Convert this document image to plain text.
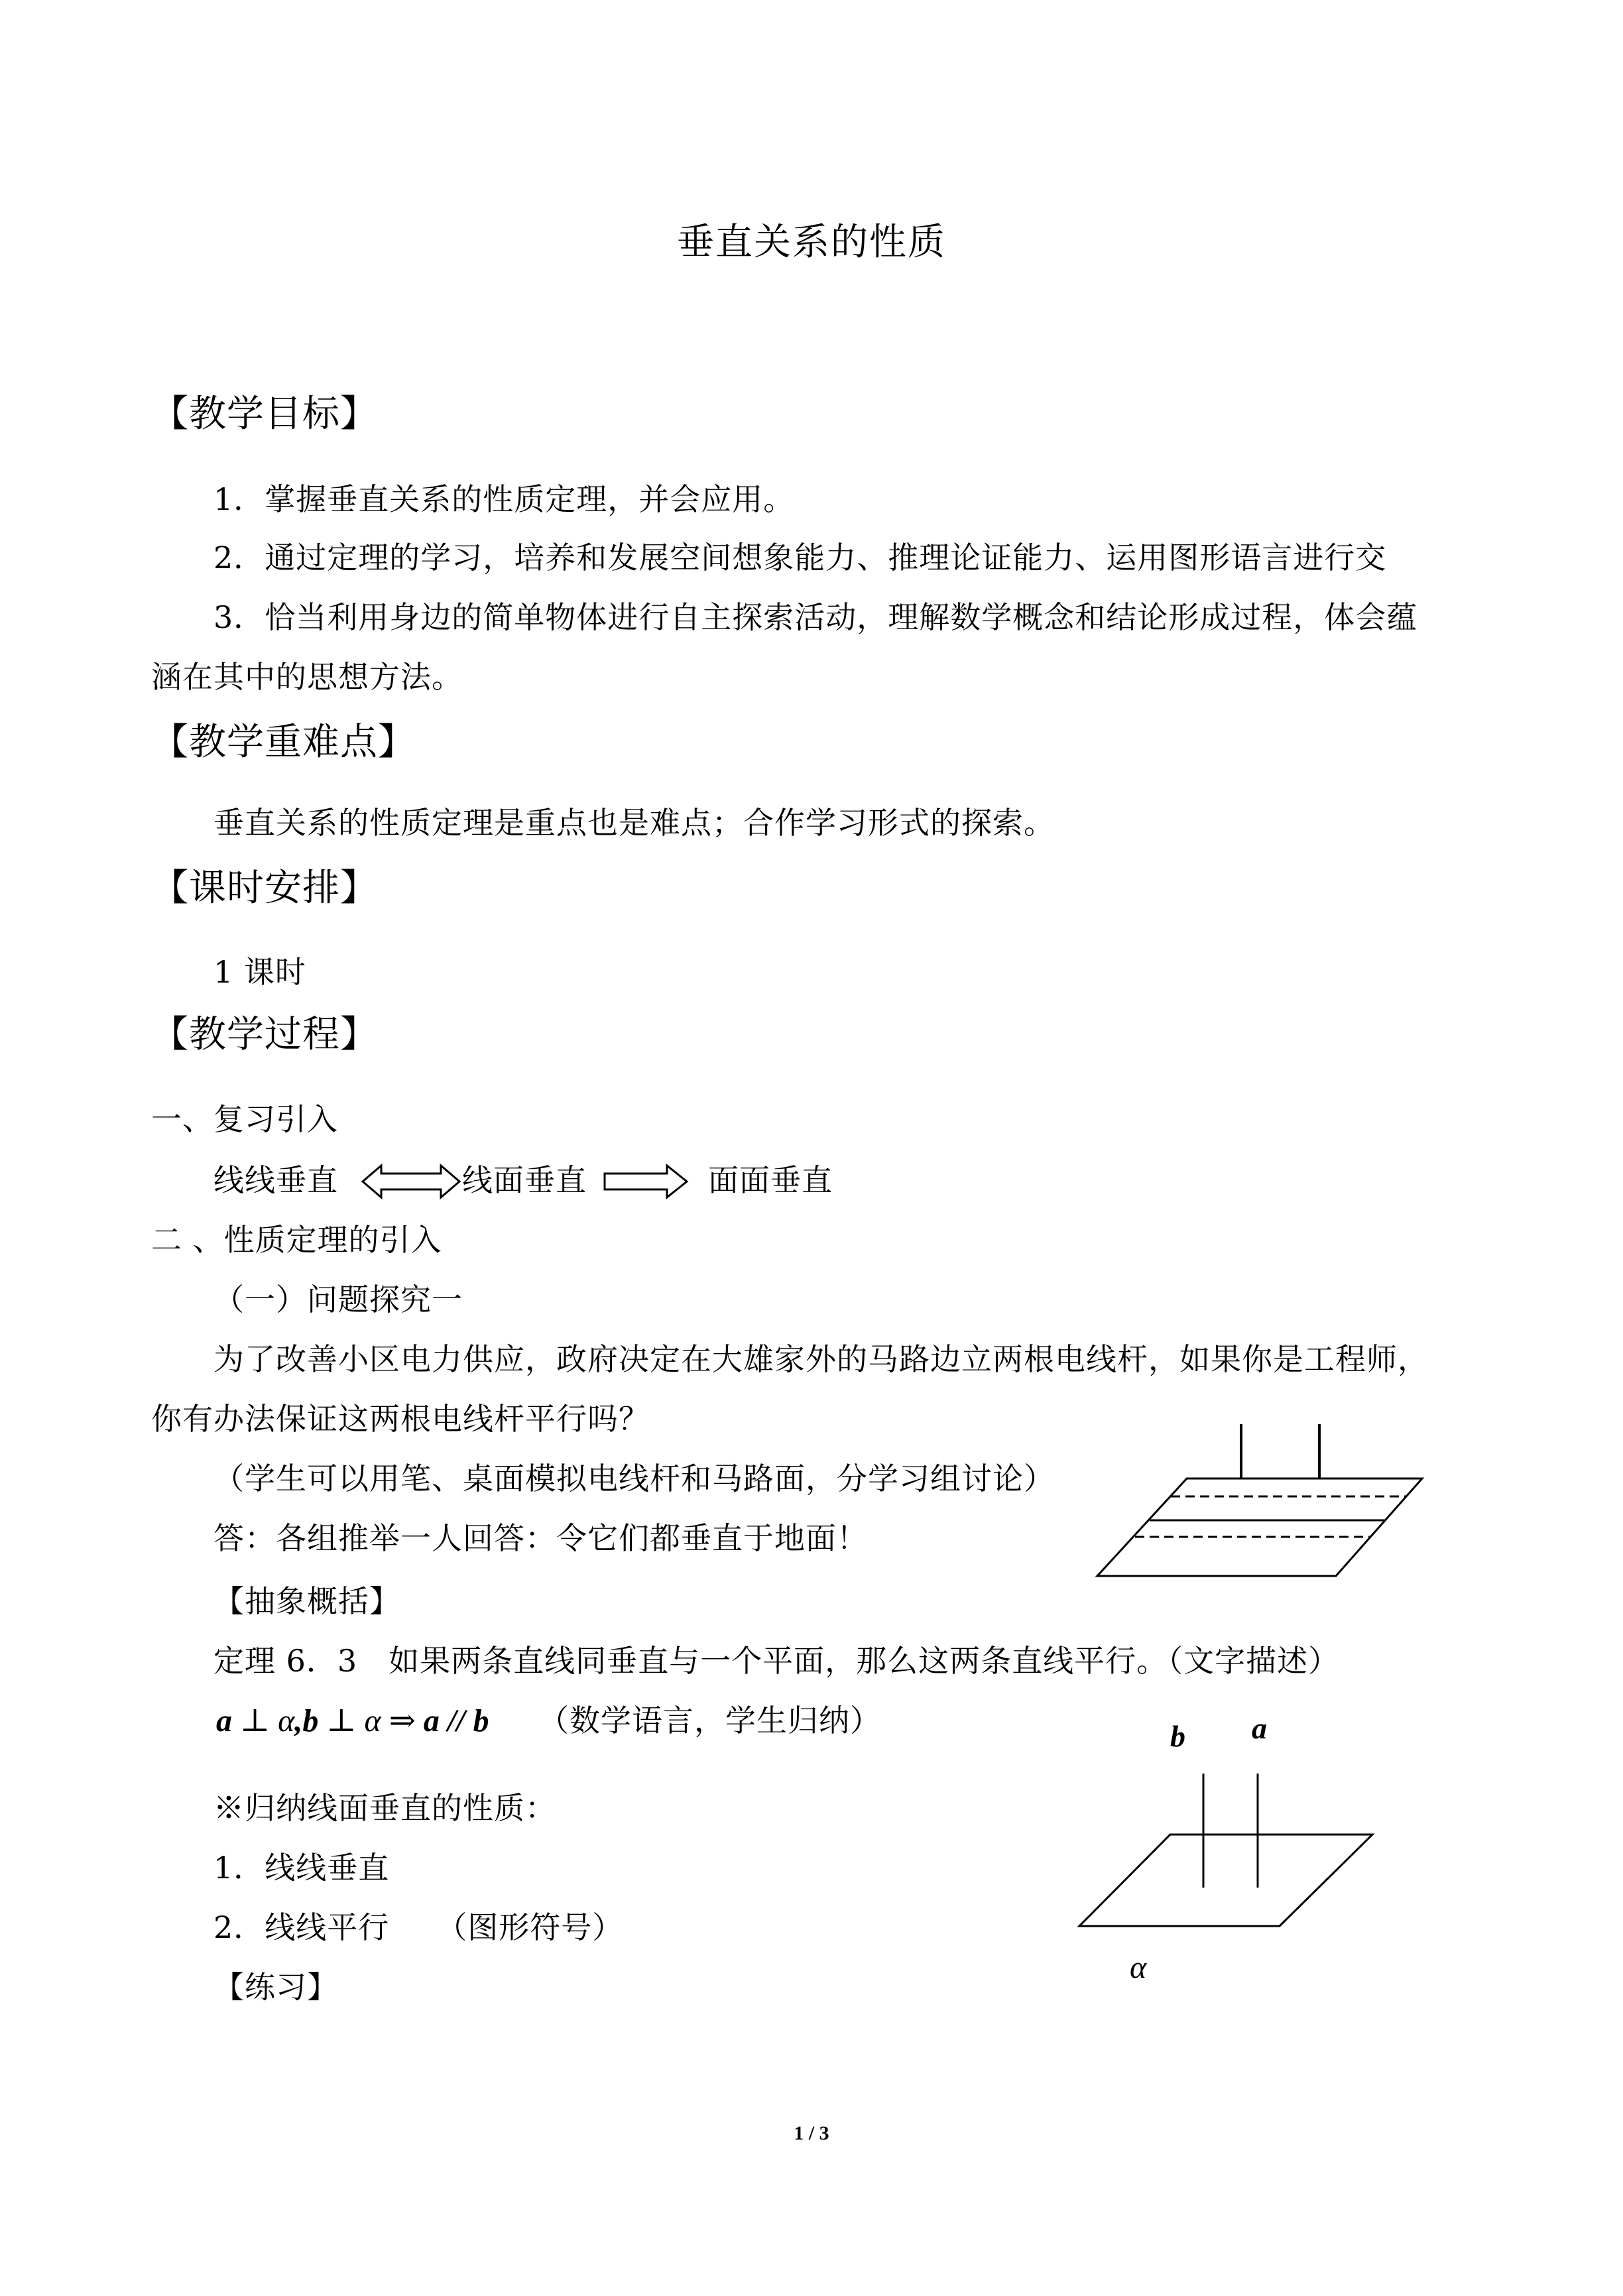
垂直关系的性质
【教学目标】
1．掌握垂直关系的性质定理，并会应用。
2．通过定理的学习，培养和发展空间想象能力、推理论证能力、运用图形语言进行交
3．恰当利用身边的简单物体进行自主探索活动，理解数学概念和结论形成过程，体会蕴
涵在其中的思想方法。
【教学重难点】
垂直关系的性质定理是重点也是难点；合作学习形式的探索。
【课时安排】
1 课时
【教学过程】
一、复习引入
线线垂直	线面垂直	面面垂直
二 、性质定理的引入
（一）问题探究一
为了改善小区电力供应，政府决定在大雄家外的马路边立两根电线杆，如果你是工程师，
你有办法保证这两根电线杆平行吗？
（学生可以用笔、桌面模拟电线杆和马路面，分学习组讨论）
答：各组推举一人回答：令它们都垂直于地面！
【抽象概括】
定理 6．3　如果两条直线同垂直与一个平面，那么这两条直线平行。（文字描述）
a ⊥ α,b ⊥ α ⇒ a // b （数学语言，学生归纳）
※归纳线面垂直的性质：
1．线线垂直
2．线线平行　　（图形符号）
【练习】
b a
α
1 / 3
